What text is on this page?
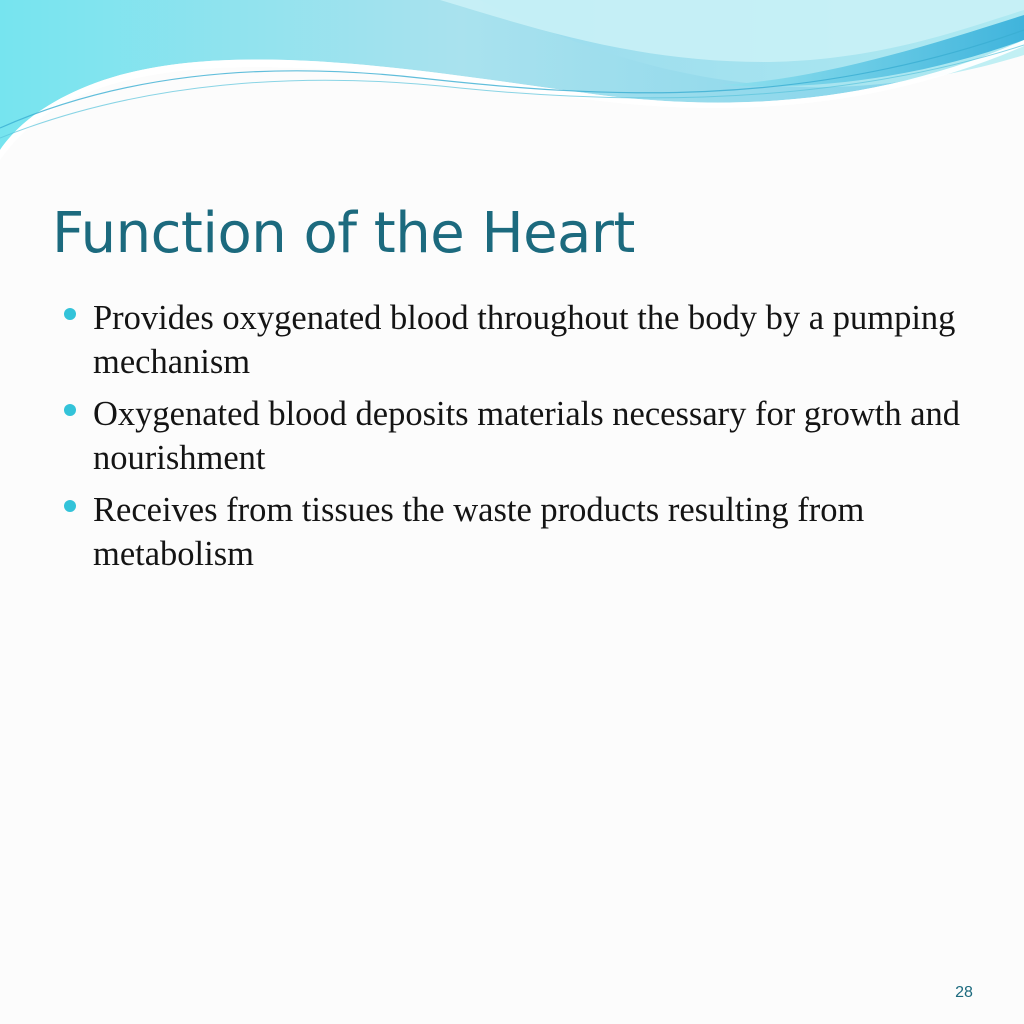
Function of the Heart
Provides oxygenated blood throughout the body by a pumping mechanism
Oxygenated blood deposits materials necessary for growth and nourishment
Receives from tissues the waste products resulting from metabolism
28
